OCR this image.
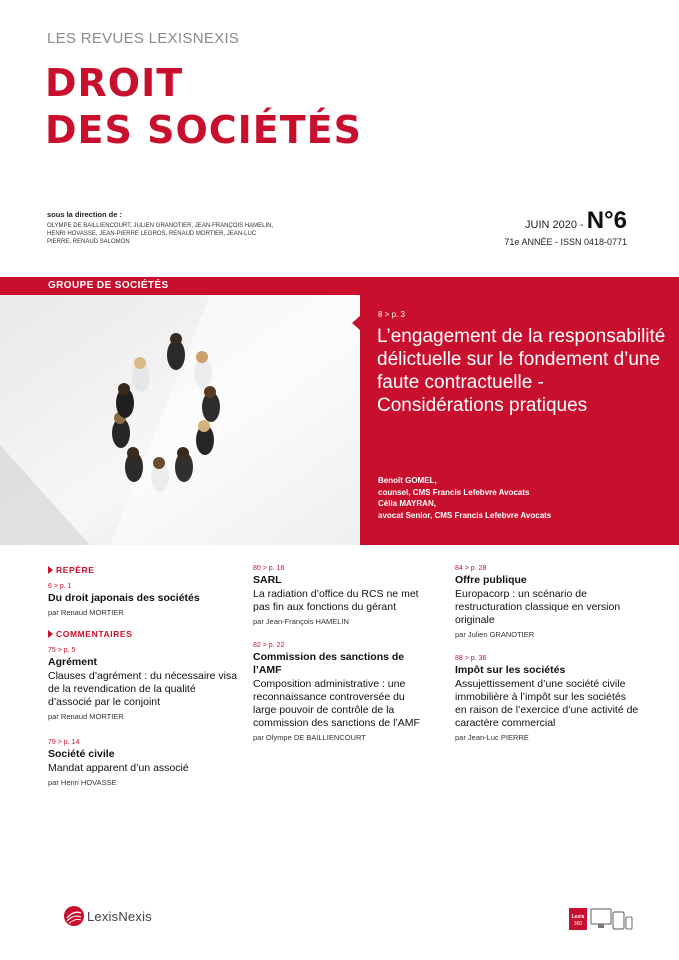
LES REVUES LEXISNEXIS
DROIT
DES SOCIÉTÉS
sous la direction de :
OLYMPE DE BAILLIENCOURT, JULIEN GRANOTIER, JEAN-FRANÇOIS HAMELIN, HENRI HOVASSE, JEAN-PIERRE LEGROS, RENAUD MORTIER, JEAN-LUC PIERRE, RENAUD SALOMON
JUIN 2020 - N°6
71e ANNÉE - ISSN 0418-0771
GROUPE DE SOCIÉTÉS
8 > p. 3
L’engagement de la responsabilité délictuelle sur le fondement d’une faute contractuelle - Considérations pratiques
Benoît GOMEL,
counsel, CMS Francis Lefebvre Avocats
Célia MAYRAN,
avocat Senior, CMS Francis Lefebvre Avocats
REPÈRE
6 > p. 1
Du droit japonais des sociétés
par Renaud MORTIER
COMMENTAIRES
75 > p. 5
Agrément
Clauses d’agrément : du nécessaire visa de la revendication de la qualité d’associé par le conjoint
par Renaud MORTIER
79 > p. 14
Société civile
Mandat apparent d’un associé
par Henri HOVASSE
80 > p. 16
SARL
La radiation d’office du RCS ne met pas fin aux fonctions du gérant
par Jean-François HAMELIN
82 > p. 22
Commission des sanctions de l’AMF
Composition administrative : une reconnaissance controversée du large pouvoir de contrôle de la commission des sanctions de l’AMF
par Olympe DE BAILLIENCOURT
84 > p. 28
Offre publique
Europacorp : un scénario de restructuration classique en version originale
par Julien GRANOTIER
88 > p. 36
Impôt sur les sociétés
Assujettissement d’une société civile immobilière à l’impôt sur les sociétés en raison de l’exercice d’une activité de caractère commercial
par Jean-Luc PIERRE
LexisNexis	Lexis
360
